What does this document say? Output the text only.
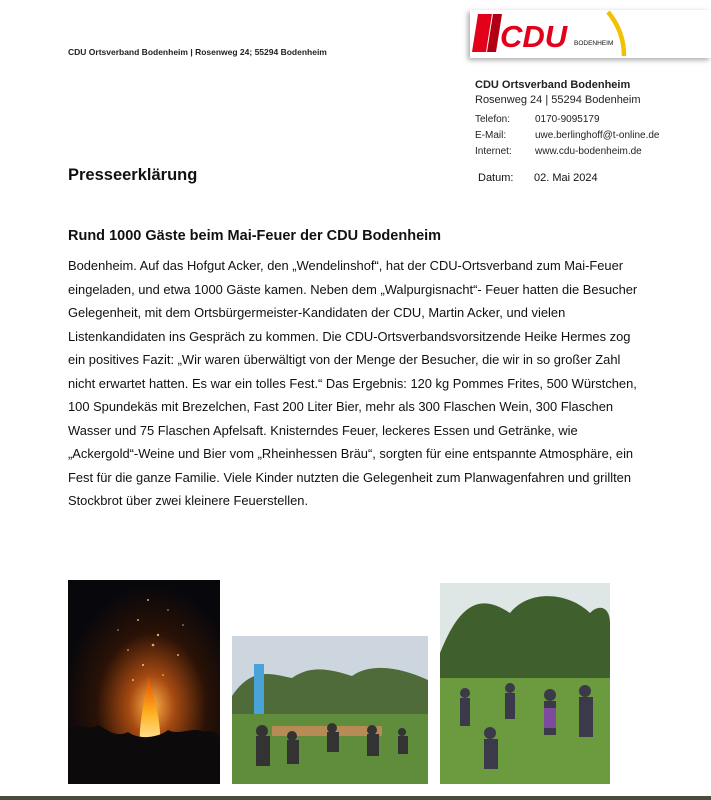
CDU Ortsverband Bodenheim | Rosenweg 24; 55294 Bodenheim	CDU BODENHEIM
CDU Ortsverband Bodenheim
Rosenweg 24 | 55294 Bodenheim
Telefon: 0170-9095179
E-Mail:	uwe.berlinghoff@t-online.de
Internet: www.cdu-bodenheim.de
Datum: 02. Mai 2024
Presseerklärung
Rund 1000 Gäste beim Mai-Feuer der CDU Bodenheim
Bodenheim. Auf das Hofgut Acker, den „Wendelinshof“, hat der CDU-Ortsverband zum Mai-Feuer eingeladen, und etwa 1000 Gäste kamen. Neben dem „Walpurgisnacht“- Feuer hatten die Besucher Gelegenheit, mit dem Ortsbürgermeister-Kandidaten der CDU, Martin Acker, und vielen Listenkandidaten ins Gespräch zu kommen. Die CDU-Ortsverbandsvorsitzende Heike Hermes zog ein positives Fazit: „Wir waren überwältigt von der Menge der Besucher, die wir in so großer Zahl nicht erwartet hatten. Es war ein tolles Fest.“ Das Ergebnis: 120 kg Pommes Frites, 500 Würstchen, 100 Spundekäs mit Brezelchen, Fast 200 Liter Bier, mehr als 300 Flaschen Wein, 300 Flaschen Wasser und 75 Flaschen Apfelsaft. Knisterndes Feuer, leckeres Essen und Getränke, wie „Ackergold“-Weine und Bier vom „Rheinhessen Bräu“, sorgten für eine entspannte Atmosphäre, ein Fest für die ganze Familie. Viele Kinder nutzten die Gelegenheit zum Planwagenfahren und grillten Stockbrot über zwei kleinere Feuerstellen.
